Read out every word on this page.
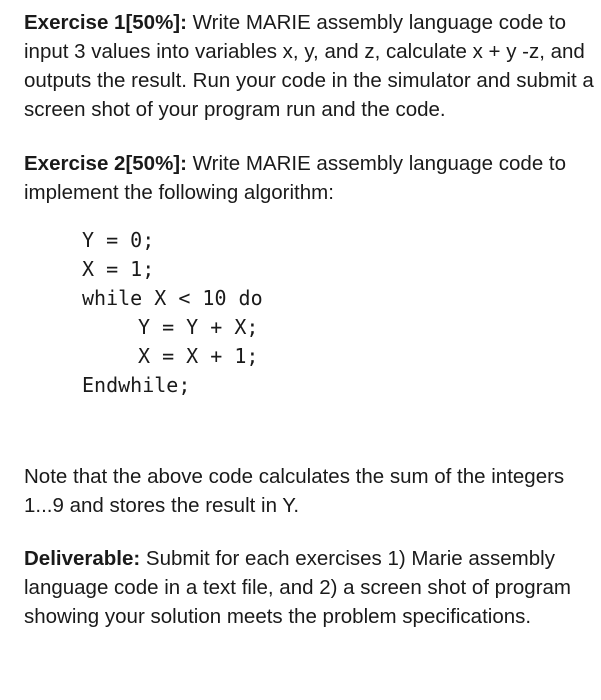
Exercise 1[50%]: Write MARIE assembly language code to input 3 values into variables x, y, and z, calculate x + y -z, and outputs the result. Run your code in the simulator and submit a screen shot of your program run and the code.

Exercise 2[50%]: Write MARIE assembly language code to implement the following algorithm:

Y = 0;
X = 1;
while X < 10 do
Y = Y + X;
X = X + 1;
Endwhile;

Note that the above code calculates the sum of the integers 1...9 and stores the result in Y.

Deliverable: Submit for each exercises 1) Marie assembly language code in a text file, and 2) a screen shot of program showing your solution meets the problem specifications.
